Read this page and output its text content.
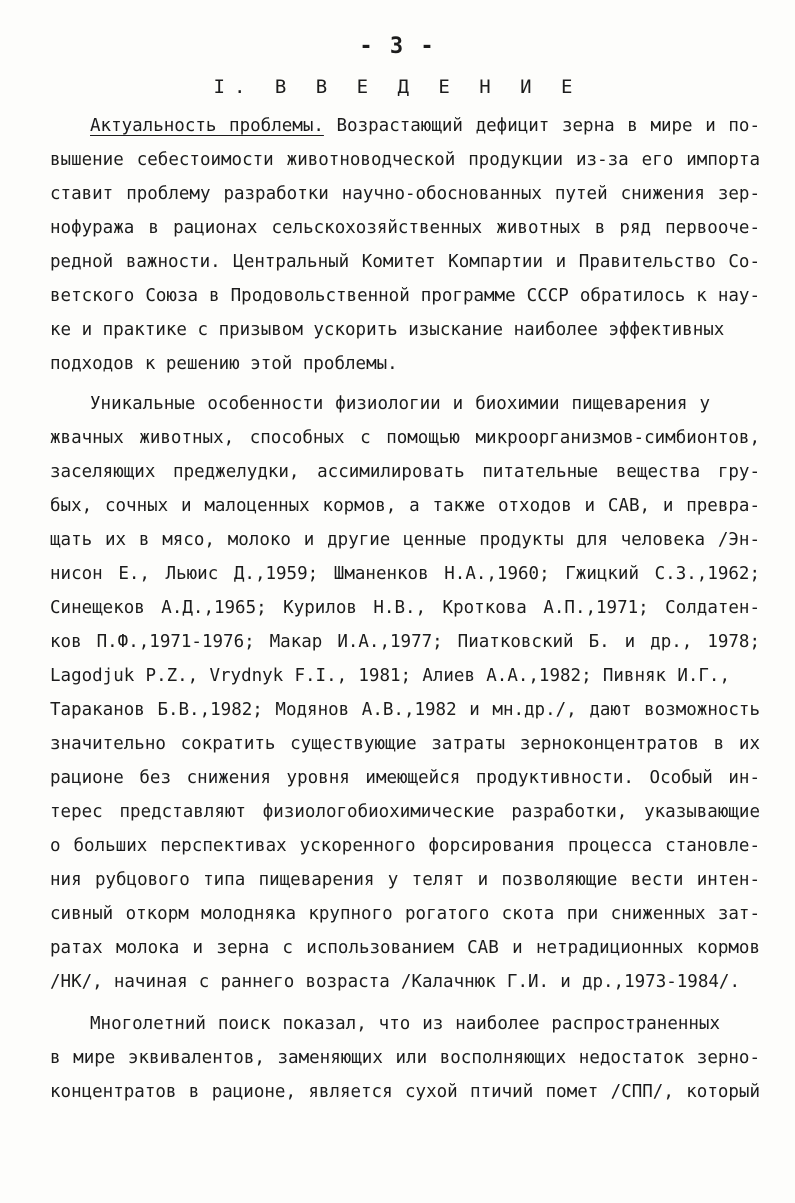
- 3 -
I. В В Е Д Е Н И Е
Актуальность проблемы. Возрастающий дефицит зерна в мире и по-
вышение себестоимости животноводческой продукции из-за его импорта
ставит проблему разработки научно-обоснованных путей снижения зер-
нофуража в рационах сельскохозяйственных животных в ряд первооче-
редной важности. Центральный Комитет Компартии и Правительство Со-
ветского Союза в Продовольственной программе СССР обратилось к нау-
ке и практике с призывом ускорить изыскание наиболее эффективных
подходов к решению этой проблемы.
Уникальные особенности физиологии и биохимии пищеварения у
жвачных животных, способных с помощью микроорганизмов-симбионтов,
заселяющих преджелудки, ассимилировать питательные вещества гру-
бых, сочных и малоценных кормов, а также отходов и САВ, и превра-
щать их в мясо, молоко и другие ценные продукты для человека /Эн-
нисон Е., Льюис Д.,1959; Шманенков Н.А.,1960; Гжицкий С.З.,1962;
Синещеков А.Д.,1965; Курилов Н.В., Кроткова А.П.,1971; Солдатен-
ков П.Ф.,1971-1976; Макар И.А.,1977; Пиатковский Б. и др., 1978;
Lagodjuk P.Z., Vrydnyk F.I., 1981; Алиев А.А.,1982; Пивняк И.Г.,
Тараканов Б.В.,1982; Модянов А.В.,1982 и мн.др./, дают возможность
значительно сократить существующие затраты зерноконцентратов в их
рационе без снижения уровня имеющейся продуктивности. Особый ин-
терес представляют физиологобиохимические разработки, указывающие
о больших перспективах ускоренного форсирования процесса становле-
ния рубцового типа пищеварения у телят и позволяющие вести интен-
сивный откорм молодняка крупного рогатого скота при сниженных зат-
ратах молока и зерна с использованием САВ и нетрадиционных кормов
/НК/, начиная с раннего возраста /Калачнюк Г.И. и др.,1973-1984/.
Многолетний поиск показал, что из наиболее распространенных
в мире эквивалентов, заменяющих или восполняющих недостаток зерно-
концентратов в рационе, является сухой птичий помет /СПП/, который
